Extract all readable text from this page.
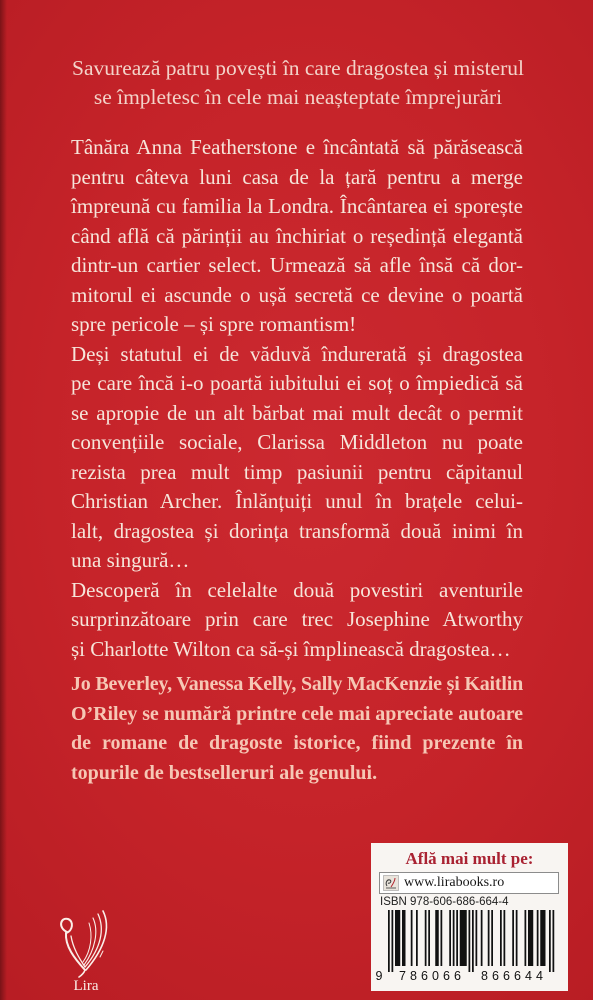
Savurează patru povești în care dragostea și misterul
se împletesc în cele mai neașteptate împrejurări
Tânăra Anna Featherstone e încântată să părăsească
pentru câteva luni casa de la țară pentru a merge
împreună cu familia la Londra. Încântarea ei sporește
când află că părinții au închiriat o reședință elegantă
dintr-un cartier select. Urmează să afle însă că dor-
mitorul ei ascunde o ușă secretă ce devine o poartă
spre pericole – și spre romantism!
Deși statutul ei de văduvă îndurerată și dragostea
pe care încă i-o poartă iubitului ei soț o împiedică să
se apropie de un alt bărbat mai mult decât o permit
convențiile sociale, Clarissa Middleton nu poate
rezista prea mult timp pasiunii pentru căpitanul
Christian Archer. Înlănțuiți unul în brațele celui-
lalt, dragostea și dorința transformă două inimi în
una singură…
Descoperă în celelalte două povestiri aventurile
surprinzătoare prin care trec Josephine Atworthy
și Charlotte Wilton ca să-și împlinească dragostea…
Jo Beverley, Vanessa Kelly, Sally MacKenzie și Kaitlin
O’Riley se numără printre cele mai apreciate autoare
de romane de dragoste istorice, fiind prezente în
topurile de bestselleruri ale genului.
Află mai mult pe:
www.lirabooks.ro
ISBN 978-606-686-664-4
9 786066 866644
Lira
